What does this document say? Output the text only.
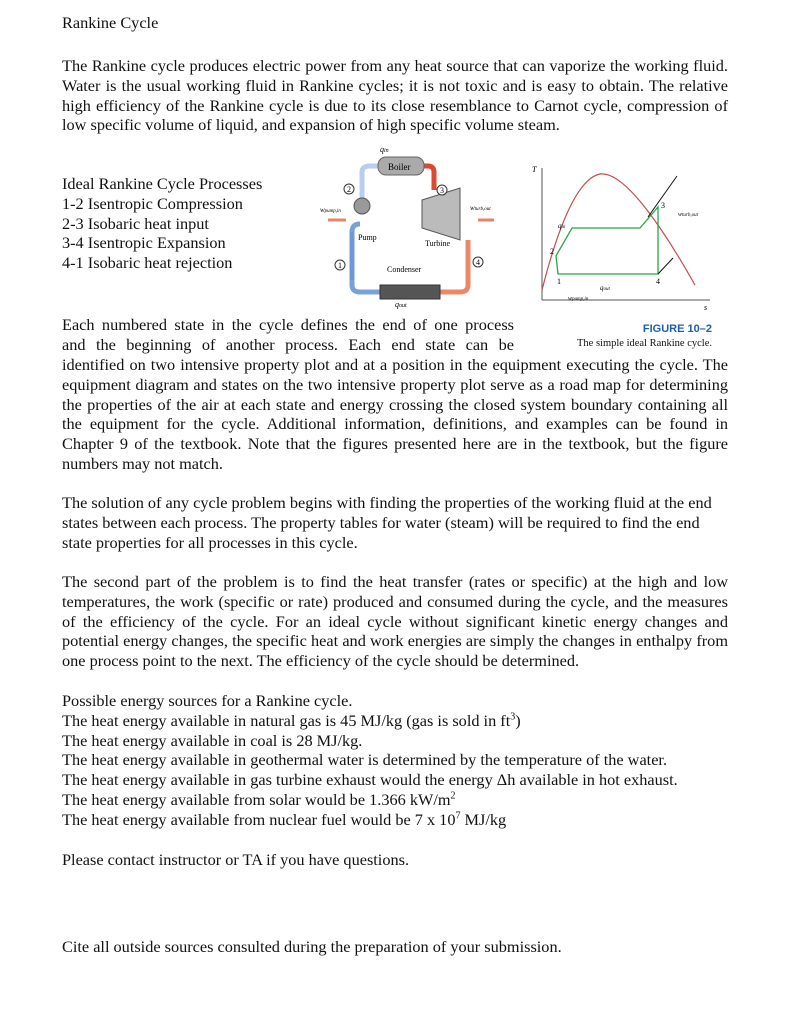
Rankine Cycle

The Rankine cycle produces electric power from any heat source that can vaporize the working fluid. Water is the usual working fluid in Rankine cycles; it is not toxic and is easy to obtain. The relative high efficiency of the Rankine cycle is due to its close resemblance to Carnot cycle, compression of low specific volume of liquid, and expansion of high specific volume steam.

Ideal Rankine Cycle Processes
1-2 Isentropic Compression
2-3 Isobaric heat input
3-4 Isentropic Expansion
4-1 Isobaric heat rejection
Boiler
Pump
Turbine
Condenser
qin
qout
wpump,in	wturb,out
1
2	3
4
T
s
2
1
3
4
qin
qout
wpump,in
wturb,out
FIGURE 10–2
The simple ideal Rankine cycle.
Each numbered state in the cycle defines the end of one process
and the beginning of another process. Each end state can be

identified on two intensive property plot and at a position in the equipment executing the cycle. The equipment diagram and states on the two intensive property plot serve as a road map for determining the properties of the air at each state and energy crossing the closed system boundary containing all the equipment for the cycle. Additional information, definitions, and examples can be found in Chapter 9 of the textbook. Note that the figures presented here are in the textbook, but the figure numbers may not match.

The solution of any cycle problem begins with finding the properties of the working fluid at the end states between each process. The property tables for water (steam) will be required to find the end state properties for all processes in this cycle.

The second part of the problem is to find the heat transfer (rates or specific) at the high and low temperatures, the work (specific or rate) produced and consumed during the cycle, and the measures of the efficiency of the cycle. For an ideal cycle without significant kinetic energy changes and potential energy changes, the specific heat and work energies are simply the changes in enthalpy from one process point to the next. The efficiency of the cycle should be determined.

Possible energy sources for a Rankine cycle.
The heat energy available in natural gas is 45 MJ/kg (gas is sold in $ft^3$)
The heat energy available in coal is 28 MJ/kg.
The heat energy available in geothermal water is determined by the temperature of the water.
The heat energy available in gas turbine exhaust would the energy Δh available in hot exhaust.
The heat energy available from solar would be 1.366 $kW/m^2$
The heat energy available from nuclear fuel would be 7 x $10^7$ MJ/kg
Please contact instructor or TA if you have questions.
Cite all outside sources consulted during the preparation of your submission.
